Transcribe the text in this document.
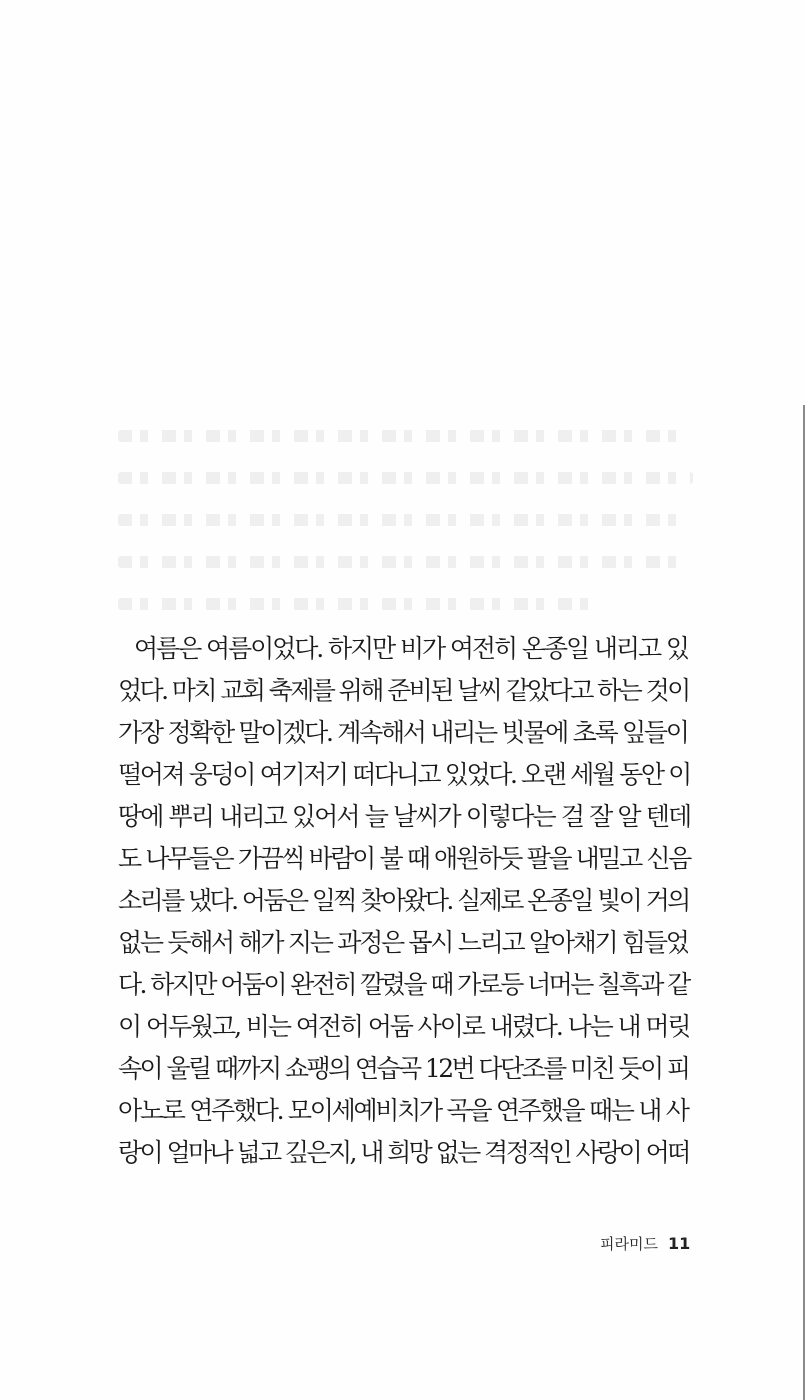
여름은 여름이었다. 하지만 비가 여전히 온종일 내리고 있
었다. 마치 교회 축제를 위해 준비된 날씨 같았다고 하는 것이
가장 정확한 말이겠다. 계속해서 내리는 빗물에 초록 잎들이
떨어져 웅덩이 여기저기 떠다니고 있었다. 오랜 세월 동안 이
땅에 뿌리 내리고 있어서 늘 날씨가 이렇다는 걸 잘 알 텐데
도 나무들은 가끔씩 바람이 불 때 애원하듯 팔을 내밀고 신음
소리를 냈다. 어둠은 일찍 찾아왔다. 실제로 온종일 빛이 거의
없는 듯해서 해가 지는 과정은 몹시 느리고 알아채기 힘들었
다. 하지만 어둠이 완전히 깔렸을 때 가로등 너머는 칠흑과 같
이 어두웠고, 비는 여전히 어둠 사이로 내렸다. 나는 내 머릿
속이 울릴 때까지 쇼팽의 연습곡 12번 다단조를 미친 듯이 피
아노로 연주했다. 모이세예비치가 곡을 연주했을 때는 내 사
랑이 얼마나 넓고 깊은지, 내 희망 없는 격정적인 사랑이 어떠
피라미드 11
